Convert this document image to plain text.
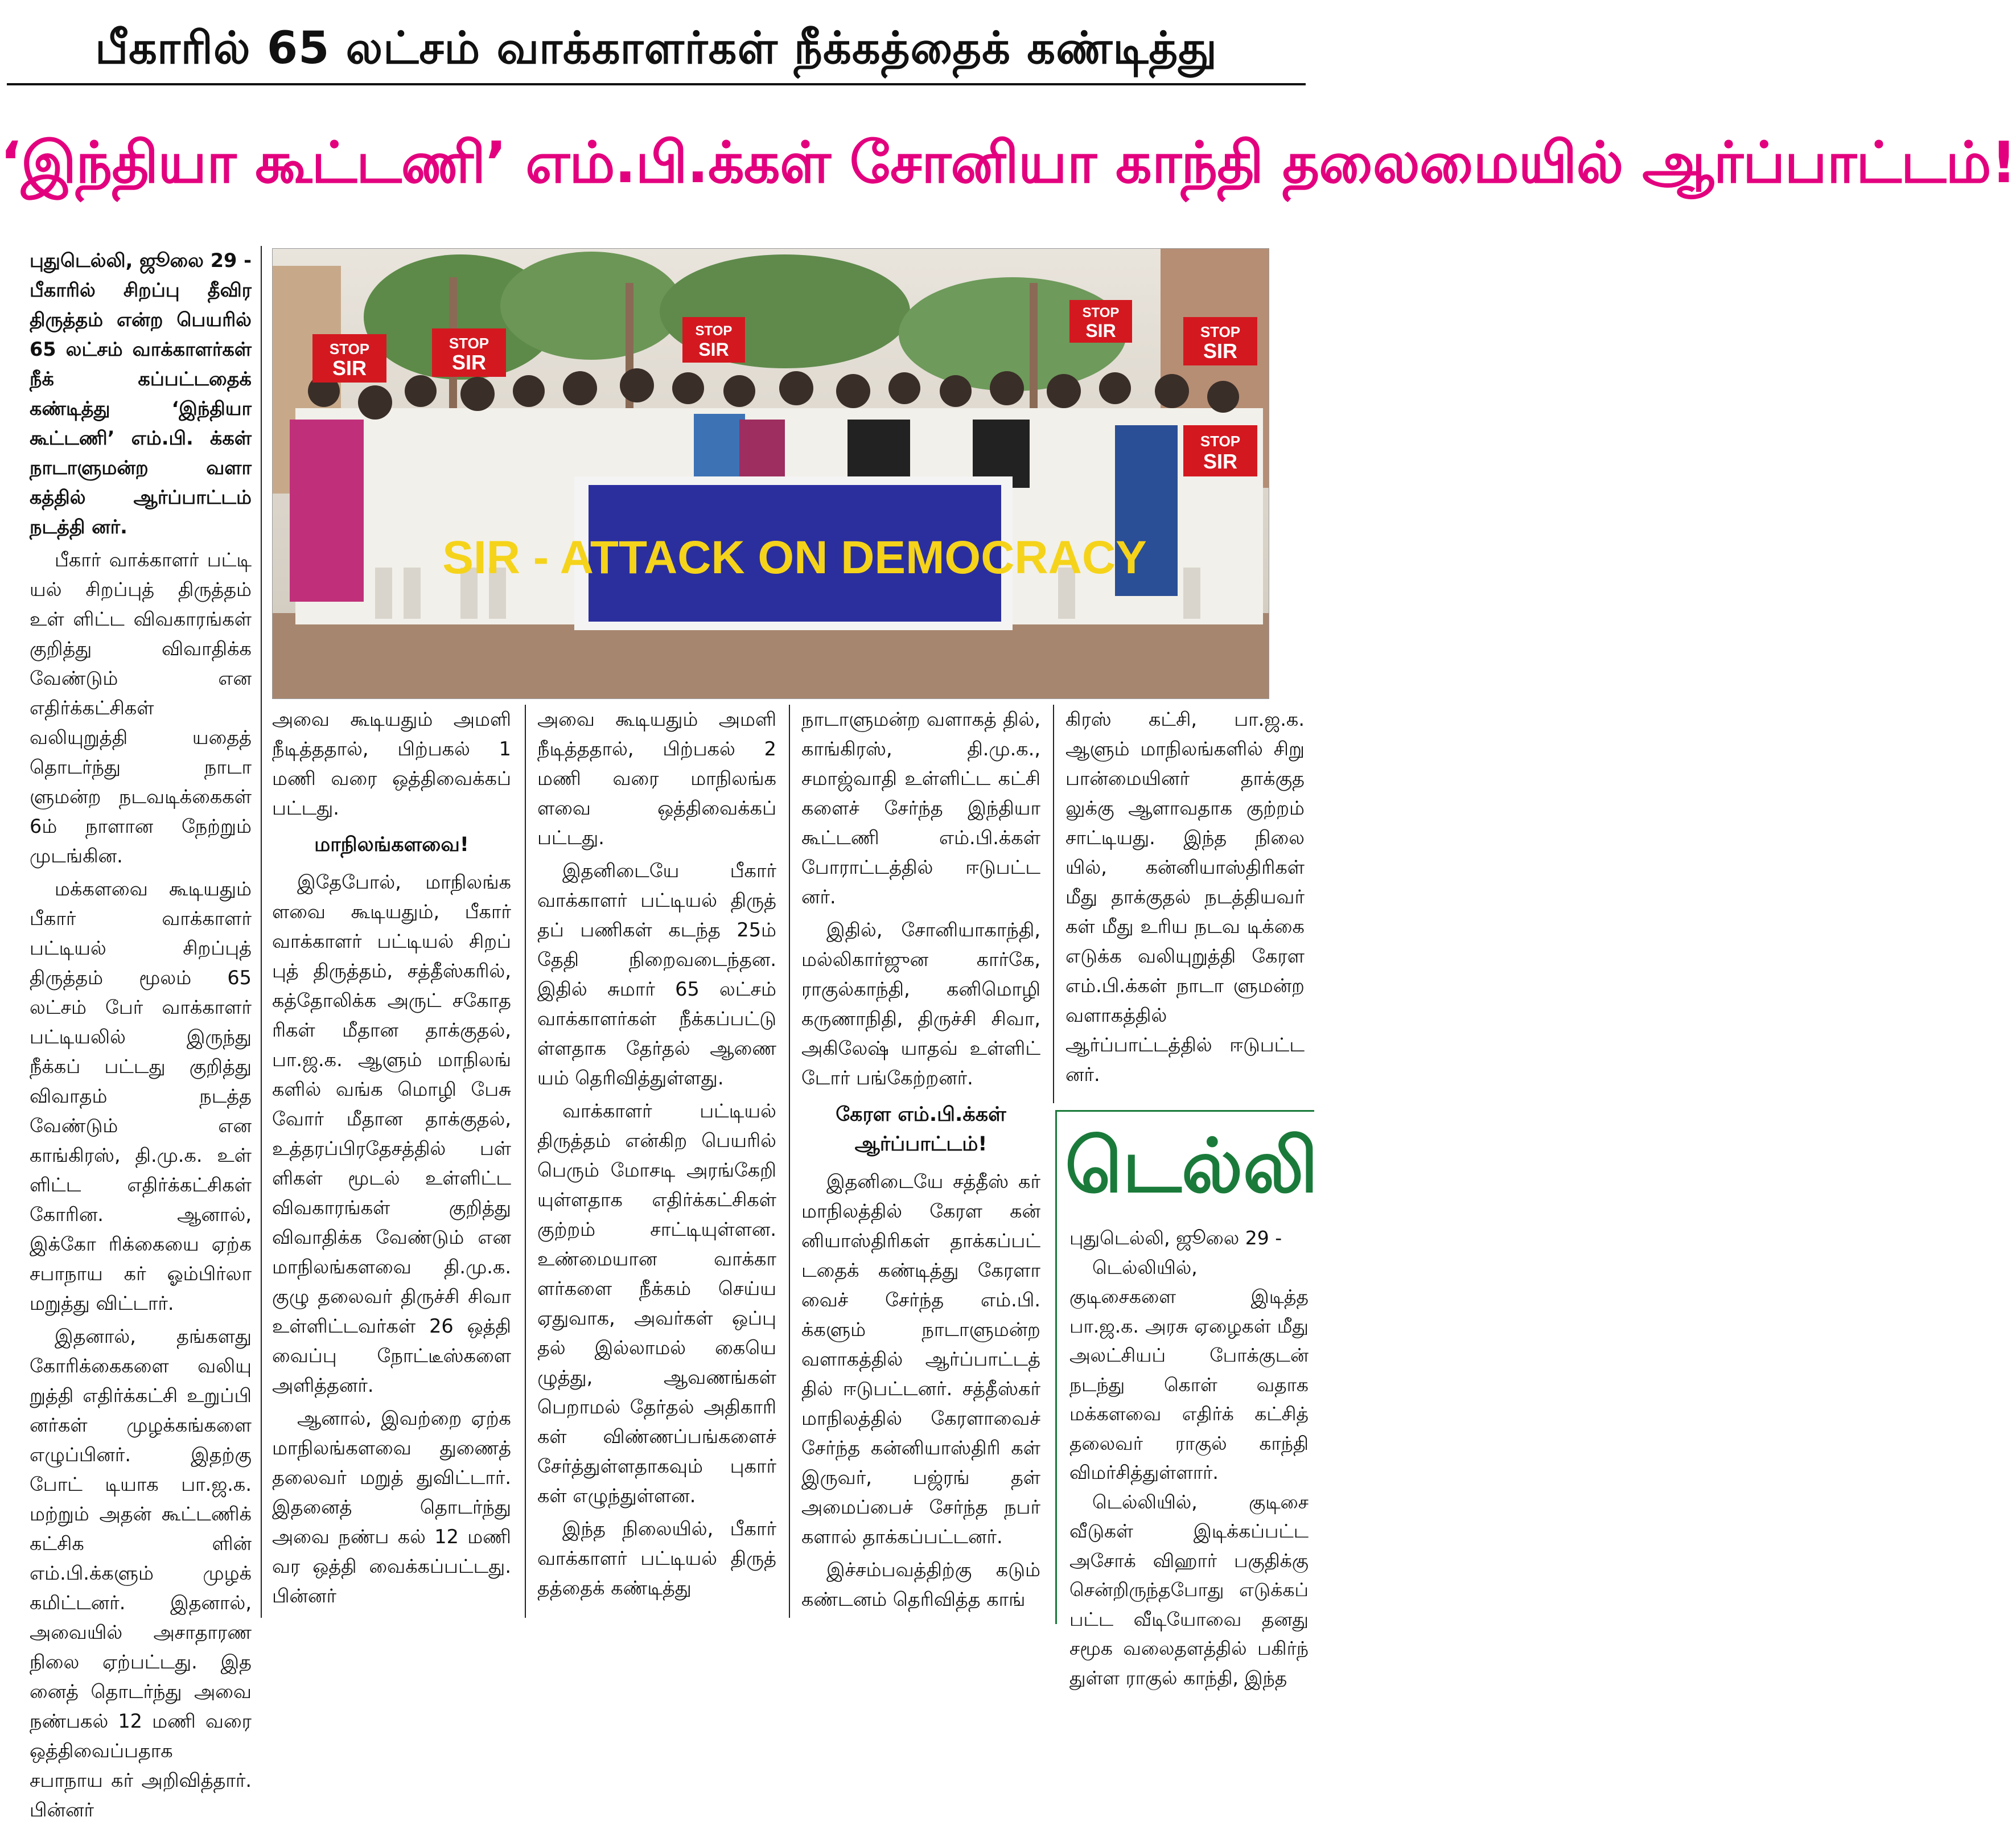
பீகாரில் 65 லட்சம் வாக்காளர்கள் நீக்கத்தைக் கண்டித்து
‘இந்தியா கூட்டணி’ எம்.பி.க்கள் சோனியா காந்தி தலைமையில் ஆர்ப்பாட்டம்!

புதுடெல்லி, ஜூலை 29 - பீகாரில் சிறப்பு தீவிர திருத்தம் என்ற பெயரில் 65 லட்சம் வாக்காளர்கள் நீக் கப்பட்டதைக் கண்டித்து ‘இந்தியா கூட்டணி’ எம்.பி. க்கள் நாடாளுமன்ற வளா கத்தில் ஆர்ப்பாட்டம் நடத்தி னர்.

பீகார் வாக்காளர் பட்டி யல் சிறப்புத் திருத்தம் உள் ளிட்ட விவகாரங்கள் குறித்து விவாதிக்க வேண்டும் என எதிர்க்கட்சிகள் வலியுறுத்தி யதைத் தொடர்ந்து நாடா ளுமன்ற நடவடிக்கைகள் 6ம் நாளான நேற்றும் முடங்கின.

மக்களவை கூடியதும் பீகார் வாக்காளர் பட்டியல் சிறப்புத் திருத்தம் மூலம் 65 லட்சம் பேர் வாக்காளர் பட்டியலில் இருந்து நீக்கப் பட்டது குறித்து விவாதம் நடத்த வேண்டும் என காங்கிரஸ், தி.மு.க. உள் ளிட்ட எதிர்க்கட்சிகள் கோரின. ஆனால், இக்கோ ரிக்கையை ஏற்க சபாநாய கர் ஓம்பிர்லா மறுத்து விட்டார்.

இதனால், தங்களது கோரிக்கைகளை வலியு றுத்தி எதிர்க்கட்சி உறுப்பி னர்கள் முழக்கங்களை எழுப்பினர். இதற்கு போட் டியாக பா.ஜ.க. மற்றும் அதன் கூட்டணிக் கட்சிக ளின் எம்.பி.க்களும் முழக் கமிட்டனர். இதனால், அவையில் அசாதாரண நிலை ஏற்பட்டது. இத னைத் தொடர்ந்து அவை நண்பகல் 12 மணி வரை ஒத்திவைப்பதாக சபாநாய கர் அறிவித்தார். பின்னர்

SIR - ATTACK ON DEMOCRACY
STOP
SIR
STOP
SIR
STOP
SIR
STOP
SIR	STOP
SIR
STOP
SIR

அவை கூடியதும் அமளி நீடித்ததால், பிற்பகல் 1 மணி வரை ஒத்திவைக்கப் பட்டது.

மாநிலங்களவை!

இதேபோல், மாநிலங்க ளவை கூடியதும், பீகார் வாக்காளர் பட்டியல் சிறப் புத் திருத்தம், சத்தீஸ்கரில், கத்தோலிக்க அருட் சகோத ரிகள் மீதான தாக்குதல், பா.ஜ.க. ஆளும் மாநிலங் களில் வங்க மொழி பேசு வோர் மீதான தாக்குதல், உத்தரப்பிரதேசத்தில் பள் ளிகள் மூடல் உள்ளிட்ட விவகாரங்கள் குறித்து விவாதிக்க வேண்டும் என மாநிலங்களவை தி.மு.க. குழு தலைவர் திருச்சி சிவா உள்ளிட்டவர்கள் 26 ஒத்தி வைப்பு நோட்டீஸ்களை அளித்தனர்.

ஆனால், இவற்றை ஏற்க மாநிலங்களவை துணைத் தலைவர் மறுத் துவிட்டார். இதனைத் தொடர்ந்து அவை நண்ப கல் 12 மணி வர ஒத்தி வைக்கப்பட்டது. பின்னர்

அவை கூடியதும் அமளி நீடித்ததால், பிற்பகல் 2 மணி வரை மாநிலங்க ளவை ஒத்திவைக்கப் பட்டது.

இதனிடையே பீகார் வாக்காளர் பட்டியல் திருத் தப் பணிகள் கடந்த 25ம் தேதி நிறைவடைந்தன. இதில் சுமார் 65 லட்சம் வாக்காளர்கள் நீக்கப்பட்டு ள்ளதாக தேர்தல் ஆணை யம் தெரிவித்துள்ளது.

வாக்காளர் பட்டியல் திருத்தம் என்கிற பெயரில் பெரும் மோசடி அரங்கேறி யுள்ளதாக எதிர்க்கட்சிகள் குற்றம் சாட்டியுள்ளன. உண்மையான வாக்கா ளர்களை நீக்கம் செய்ய ஏதுவாக, அவர்கள் ஒப்பு தல் இல்லாமல் கையெ ழுத்து, ஆவணங்கள் பெறாமல் தேர்தல் அதிகாரி கள் விண்ணப்பங்களைச் சேர்த்துள்ளதாகவும் புகார் கள் எழுந்துள்ளன.

இந்த நிலையில், பீகார் வாக்காளர் பட்டியல் திருத் தத்தைக் கண்டித்து

நாடாளுமன்ற வளாகத் தில், காங்கிரஸ், தி.மு.க., சமாஜ்வாதி உள்ளிட்ட கட்சி களைச் சேர்ந்த இந்தியா கூட்டணி எம்.பி.க்கள் போராட்டத்தில் ஈடுபட்ட னர்.

இதில், சோனியாகாந்தி, மல்லிகார்ஜுன கார்கே, ராகுல்காந்தி, கனிமொழி கருணாநிதி, திருச்சி சிவா, அகிலேஷ் யாதவ் உள்ளிட் டோர் பங்கேற்றனர்.

கேரள எம்.பி.க்கள் ஆர்ப்பாட்டம்!

இதனிடையே சத்தீஸ் கர் மாநிலத்தில் கேரள கன் னியாஸ்திரிகள் தாக்கப்பட் டதைக் கண்டித்து கேரளா வைச் சேர்ந்த எம்.பி. க்களும் நாடாளுமன்ற வளாகத்தில் ஆர்ப்பாட்டத் தில் ஈடுபட்டனர். சத்தீஸ்கர் மாநிலத்தில் கேரளாவைச் சேர்ந்த கன்னியாஸ்திரி கள் இருவர், பஜ்ரங் தள் அமைப்பைச் சேர்ந்த நபர் களால் தாக்கப்பட்டனர்.

இச்சம்பவத்திற்கு கடும் கண்டனம் தெரிவித்த காங்

கிரஸ் கட்சி, பா.ஜ.க. ஆளும் மாநிலங்களில் சிறு பான்மையினர் தாக்குத லுக்கு ஆளாவதாக குற்றம் சாட்டியது. இந்த நிலை யில், கன்னியாஸ்திரிகள் மீது தாக்குதல் நடத்தியவர் கள் மீது உரிய நடவ டிக்கை எடுக்க வலியுறுத்தி கேரள எம்.பி.க்கள் நாடா ளுமன்ற வளாகத்தில் ஆர்ப்பாட்டத்தில் ஈடுபட்ட னர்.

டெல்லி

புதுடெல்லி, ஜூலை 29 -

டெல்லியில், குடிசைகளை இடித்த பா.ஜ.க. அரசு ஏழைகள் மீது அலட்சியப் போக்குடன் நடந்து கொள் வதாக மக்களவை எதிர்க் கட்சித் தலைவர் ராகுல் காந்தி விமர்சித்துள்ளார்.

டெல்லியில், குடிசை வீடுகள் இடிக்கப்பட்ட அசோக் விஹார் பகுதிக்கு சென்றிருந்தபோது எடுக்கப் பட்ட வீடியோவை தனது சமூக வலைதளத்தில் பகிர்ந் துள்ள ராகுல் காந்தி, இந்த
